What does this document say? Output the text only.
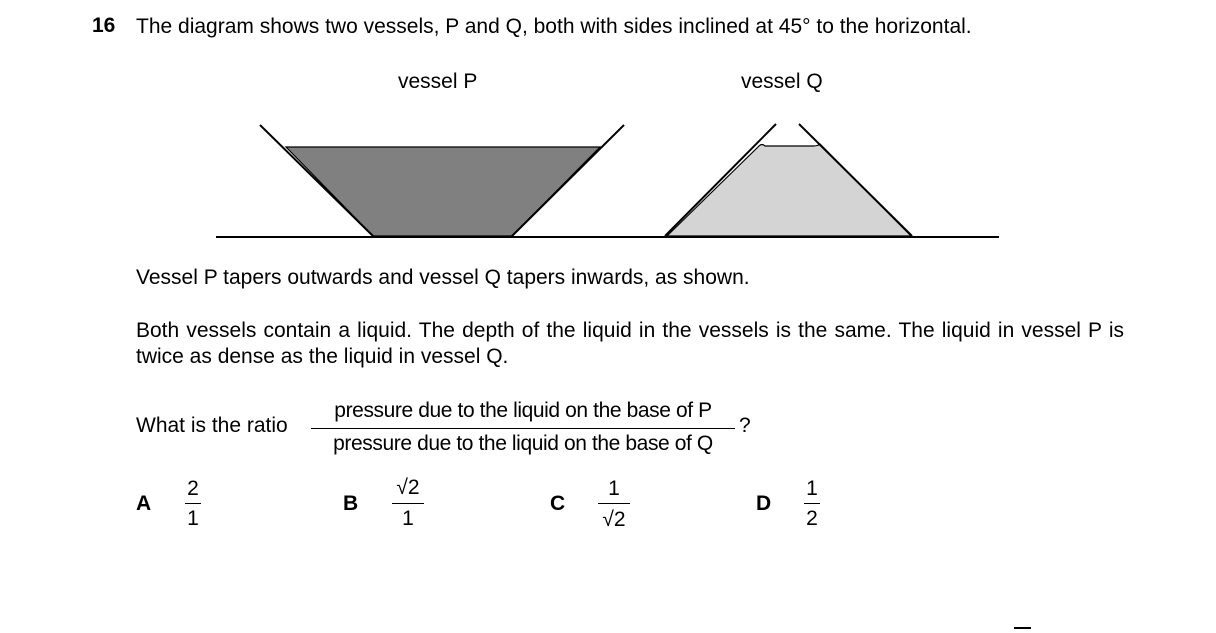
16 The diagram shows two vessels, P and Q, both with sides inclined at 45° to the horizontal.
vessel P	vessel Q
Vessel P tapers outwards and vessel Q tapers inwards, as shown.
Both vessels contain a liquid. The depth of the liquid in the vessels is the same. The liquid in vessel P is twice as dense as the liquid in vessel Q.
What is the ratio
pressure due to the liquid on the base of P
pressure due to the liquid on the base of Q
?
A
2
1
B
√2
1
C
1
√2
D
1
2
